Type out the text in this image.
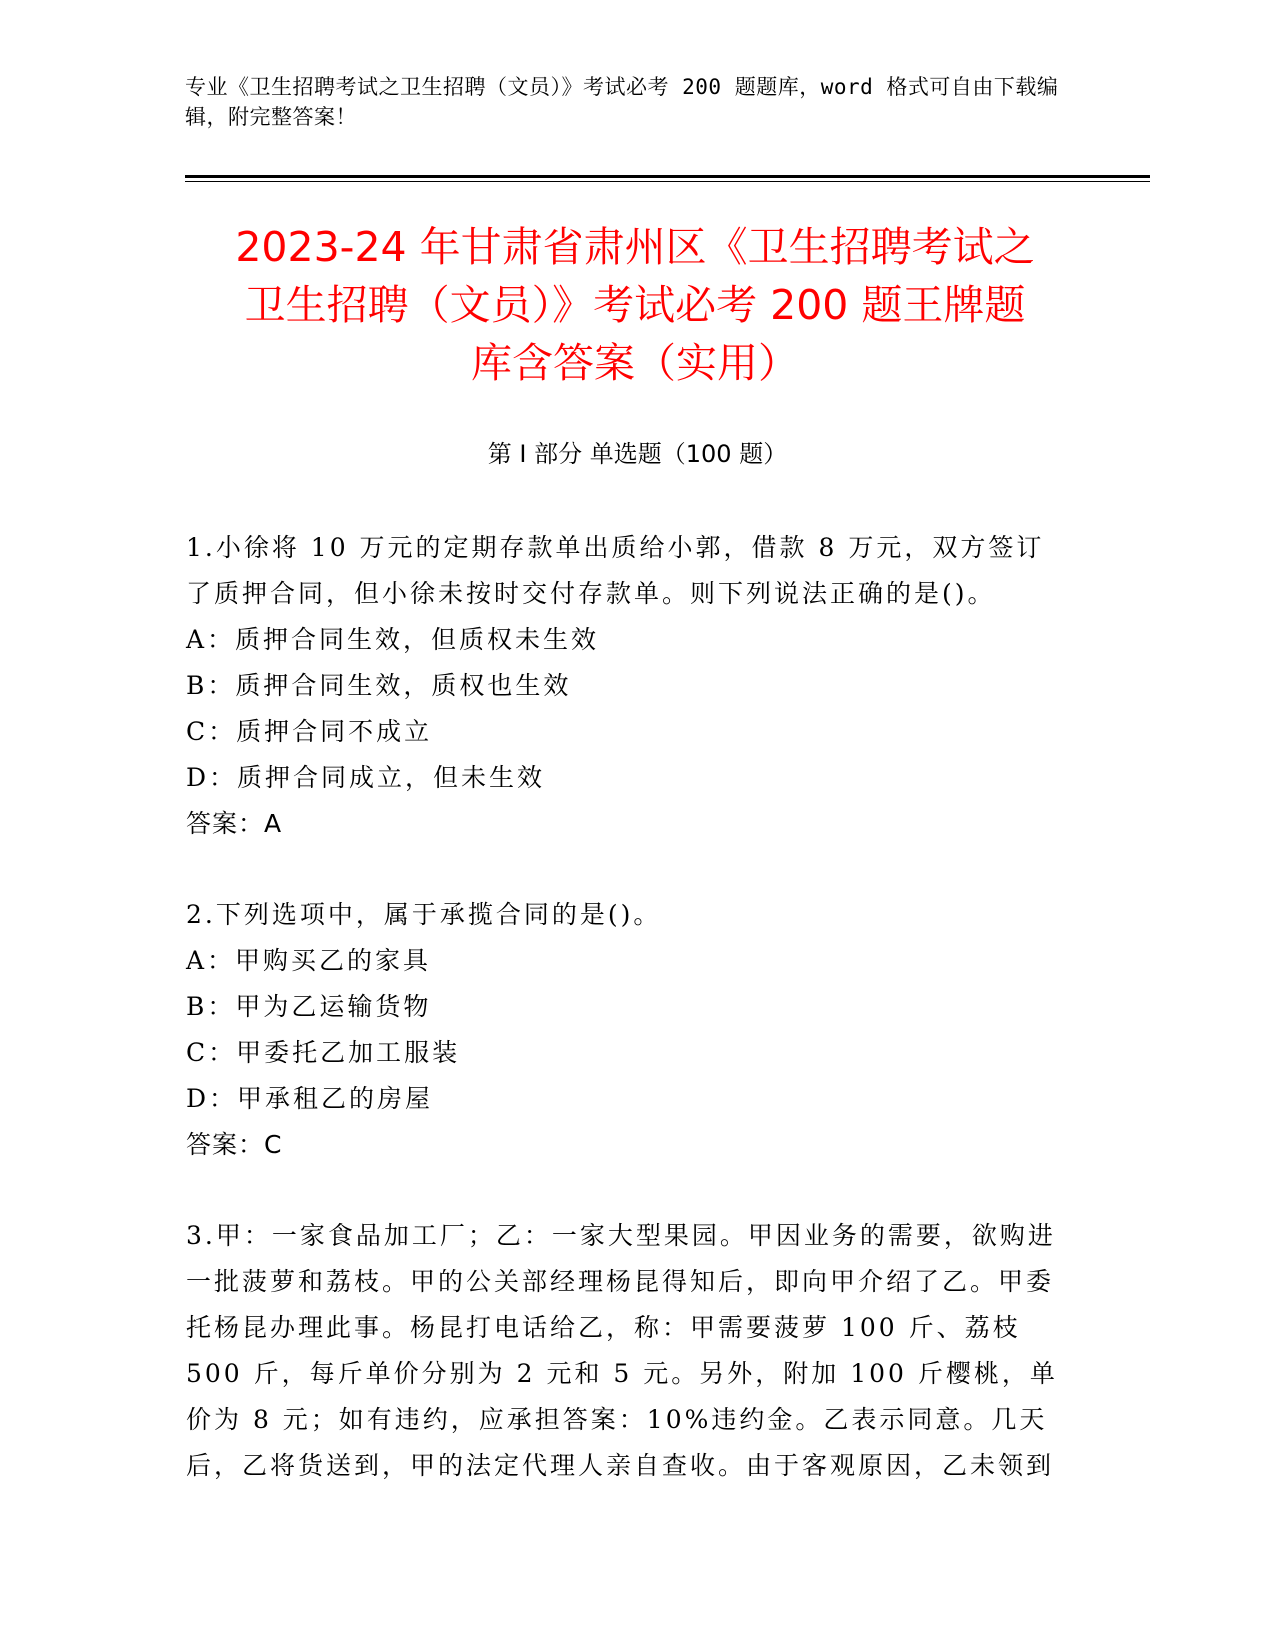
专业《卫生招聘考试之卫生招聘（文员）》考试必考 200 题题库，word 格式可自由下载编辑，附完整答案！
2023-24 年甘肃省肃州区《卫生招聘考试之
卫生招聘（文员）》考试必考 200 题王牌题
库含答案（实用）
第 I 部分 单选题（100 题）
1.小徐将 10 万元的定期存款单出质给小郭，借款 8 万元，双方签订了质押合同，但小徐未按时交付存款单。则下列说法正确的是()。
A：质押合同生效，但质权未生效
B：质押合同生效，质权也生效
C：质押合同不成立
D：质押合同成立，但未生效
答案：A
2.下列选项中，属于承揽合同的是()。
A：甲购买乙的家具
B：甲为乙运输货物
C：甲委托乙加工服装
D：甲承租乙的房屋
答案：C
3.甲：一家食品加工厂；乙：一家大型果园。甲因业务的需要，欲购进一批菠萝和荔枝。甲的公关部经理杨昆得知后，即向甲介绍了乙。甲委托杨昆办理此事。杨昆打电话给乙，称：甲需要菠萝 100 斤、荔枝 500 斤，每斤单价分别为 2 元和 5 元。另外，附加 100 斤樱桃，单价为 8 元；如有违约，应承担答案：10%违约金。乙表示同意。几天后，乙将货送到，甲的法定代理人亲自查收。由于客观原因，乙未领到
